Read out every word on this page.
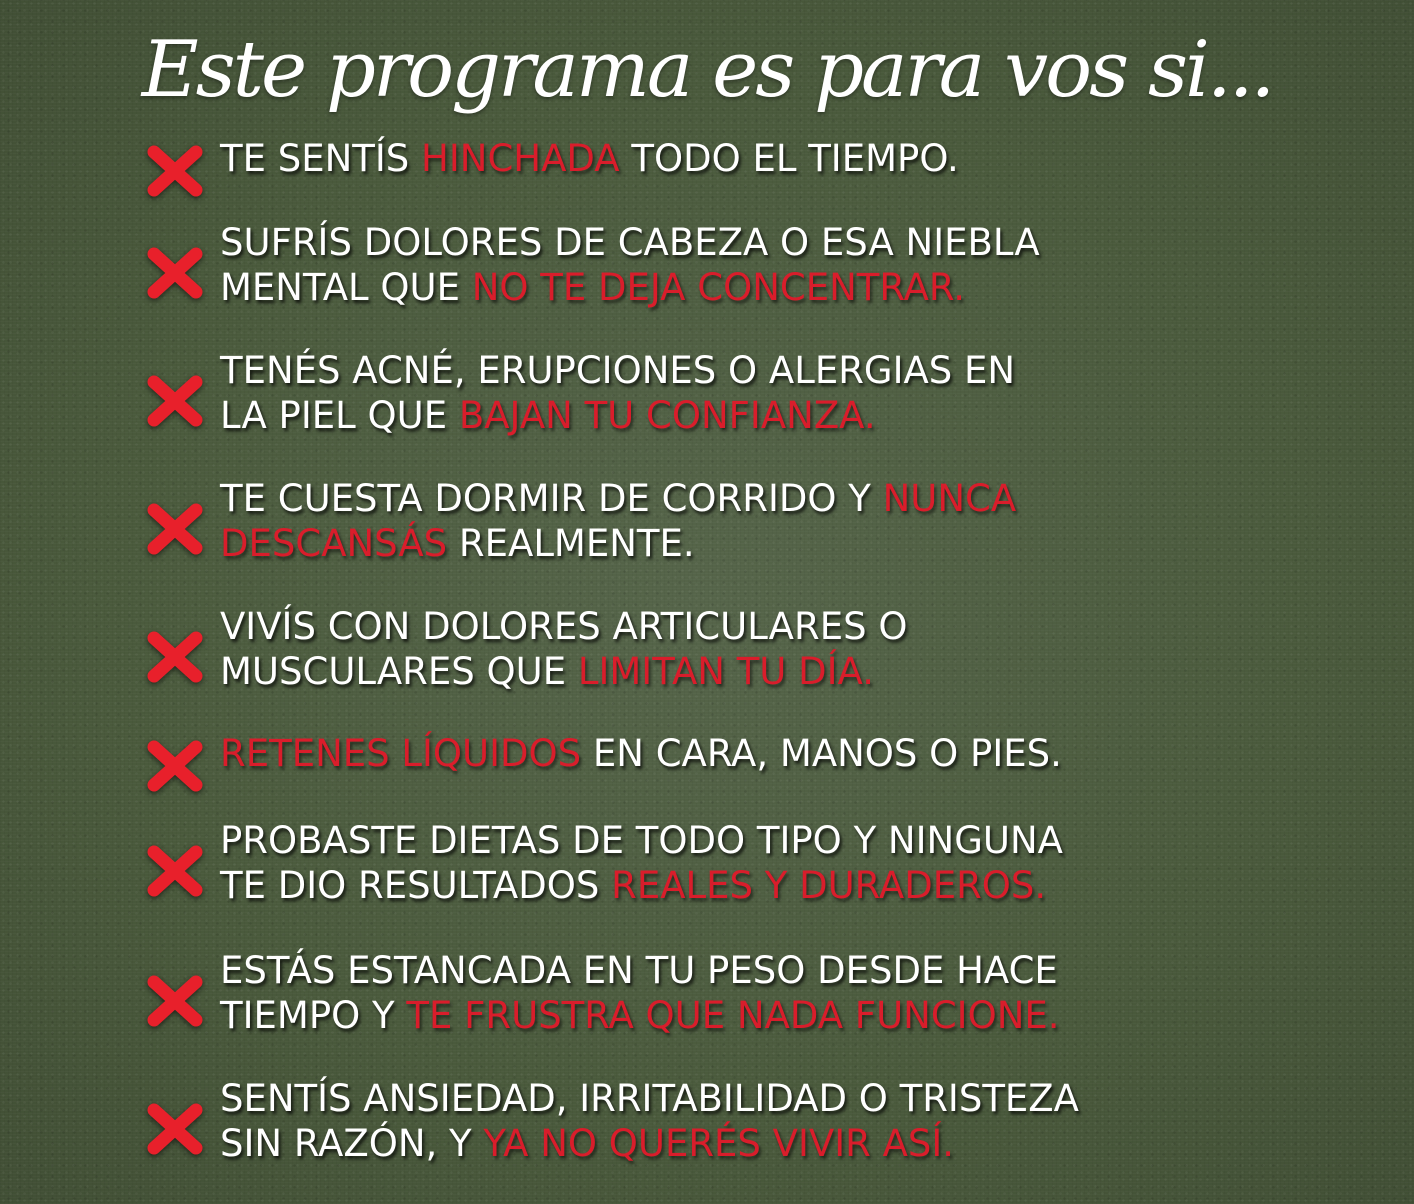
Este programa es para vos si...

TE SENTÍS HINCHADA TODO EL TIEMPO.

SUFRÍS DOLORES DE CABEZA O ESA NIEBLA
MENTAL QUE NO TE DEJA CONCENTRAR.

TENÉS ACNÉ, ERUPCIONES O ALERGIAS EN
LA PIEL QUE BAJAN TU CONFIANZA.

TE CUESTA DORMIR DE CORRIDO Y NUNCA
DESCANSÁS REALMENTE.

VIVÍS CON DOLORES ARTICULARES O
MUSCULARES QUE LIMITAN TU DÍA.

RETENES LÍQUIDOS EN CARA, MANOS O PIES.

PROBASTE DIETAS DE TODO TIPO Y NINGUNA
TE DIO RESULTADOS REALES Y DURADEROS.

ESTÁS ESTANCADA EN TU PESO DESDE HACE
TIEMPO Y TE FRUSTRA QUE NADA FUNCIONE.

SENTÍS ANSIEDAD, IRRITABILIDAD O TRISTEZA
SIN RAZÓN, Y YA NO QUERÉS VIVIR ASÍ.
